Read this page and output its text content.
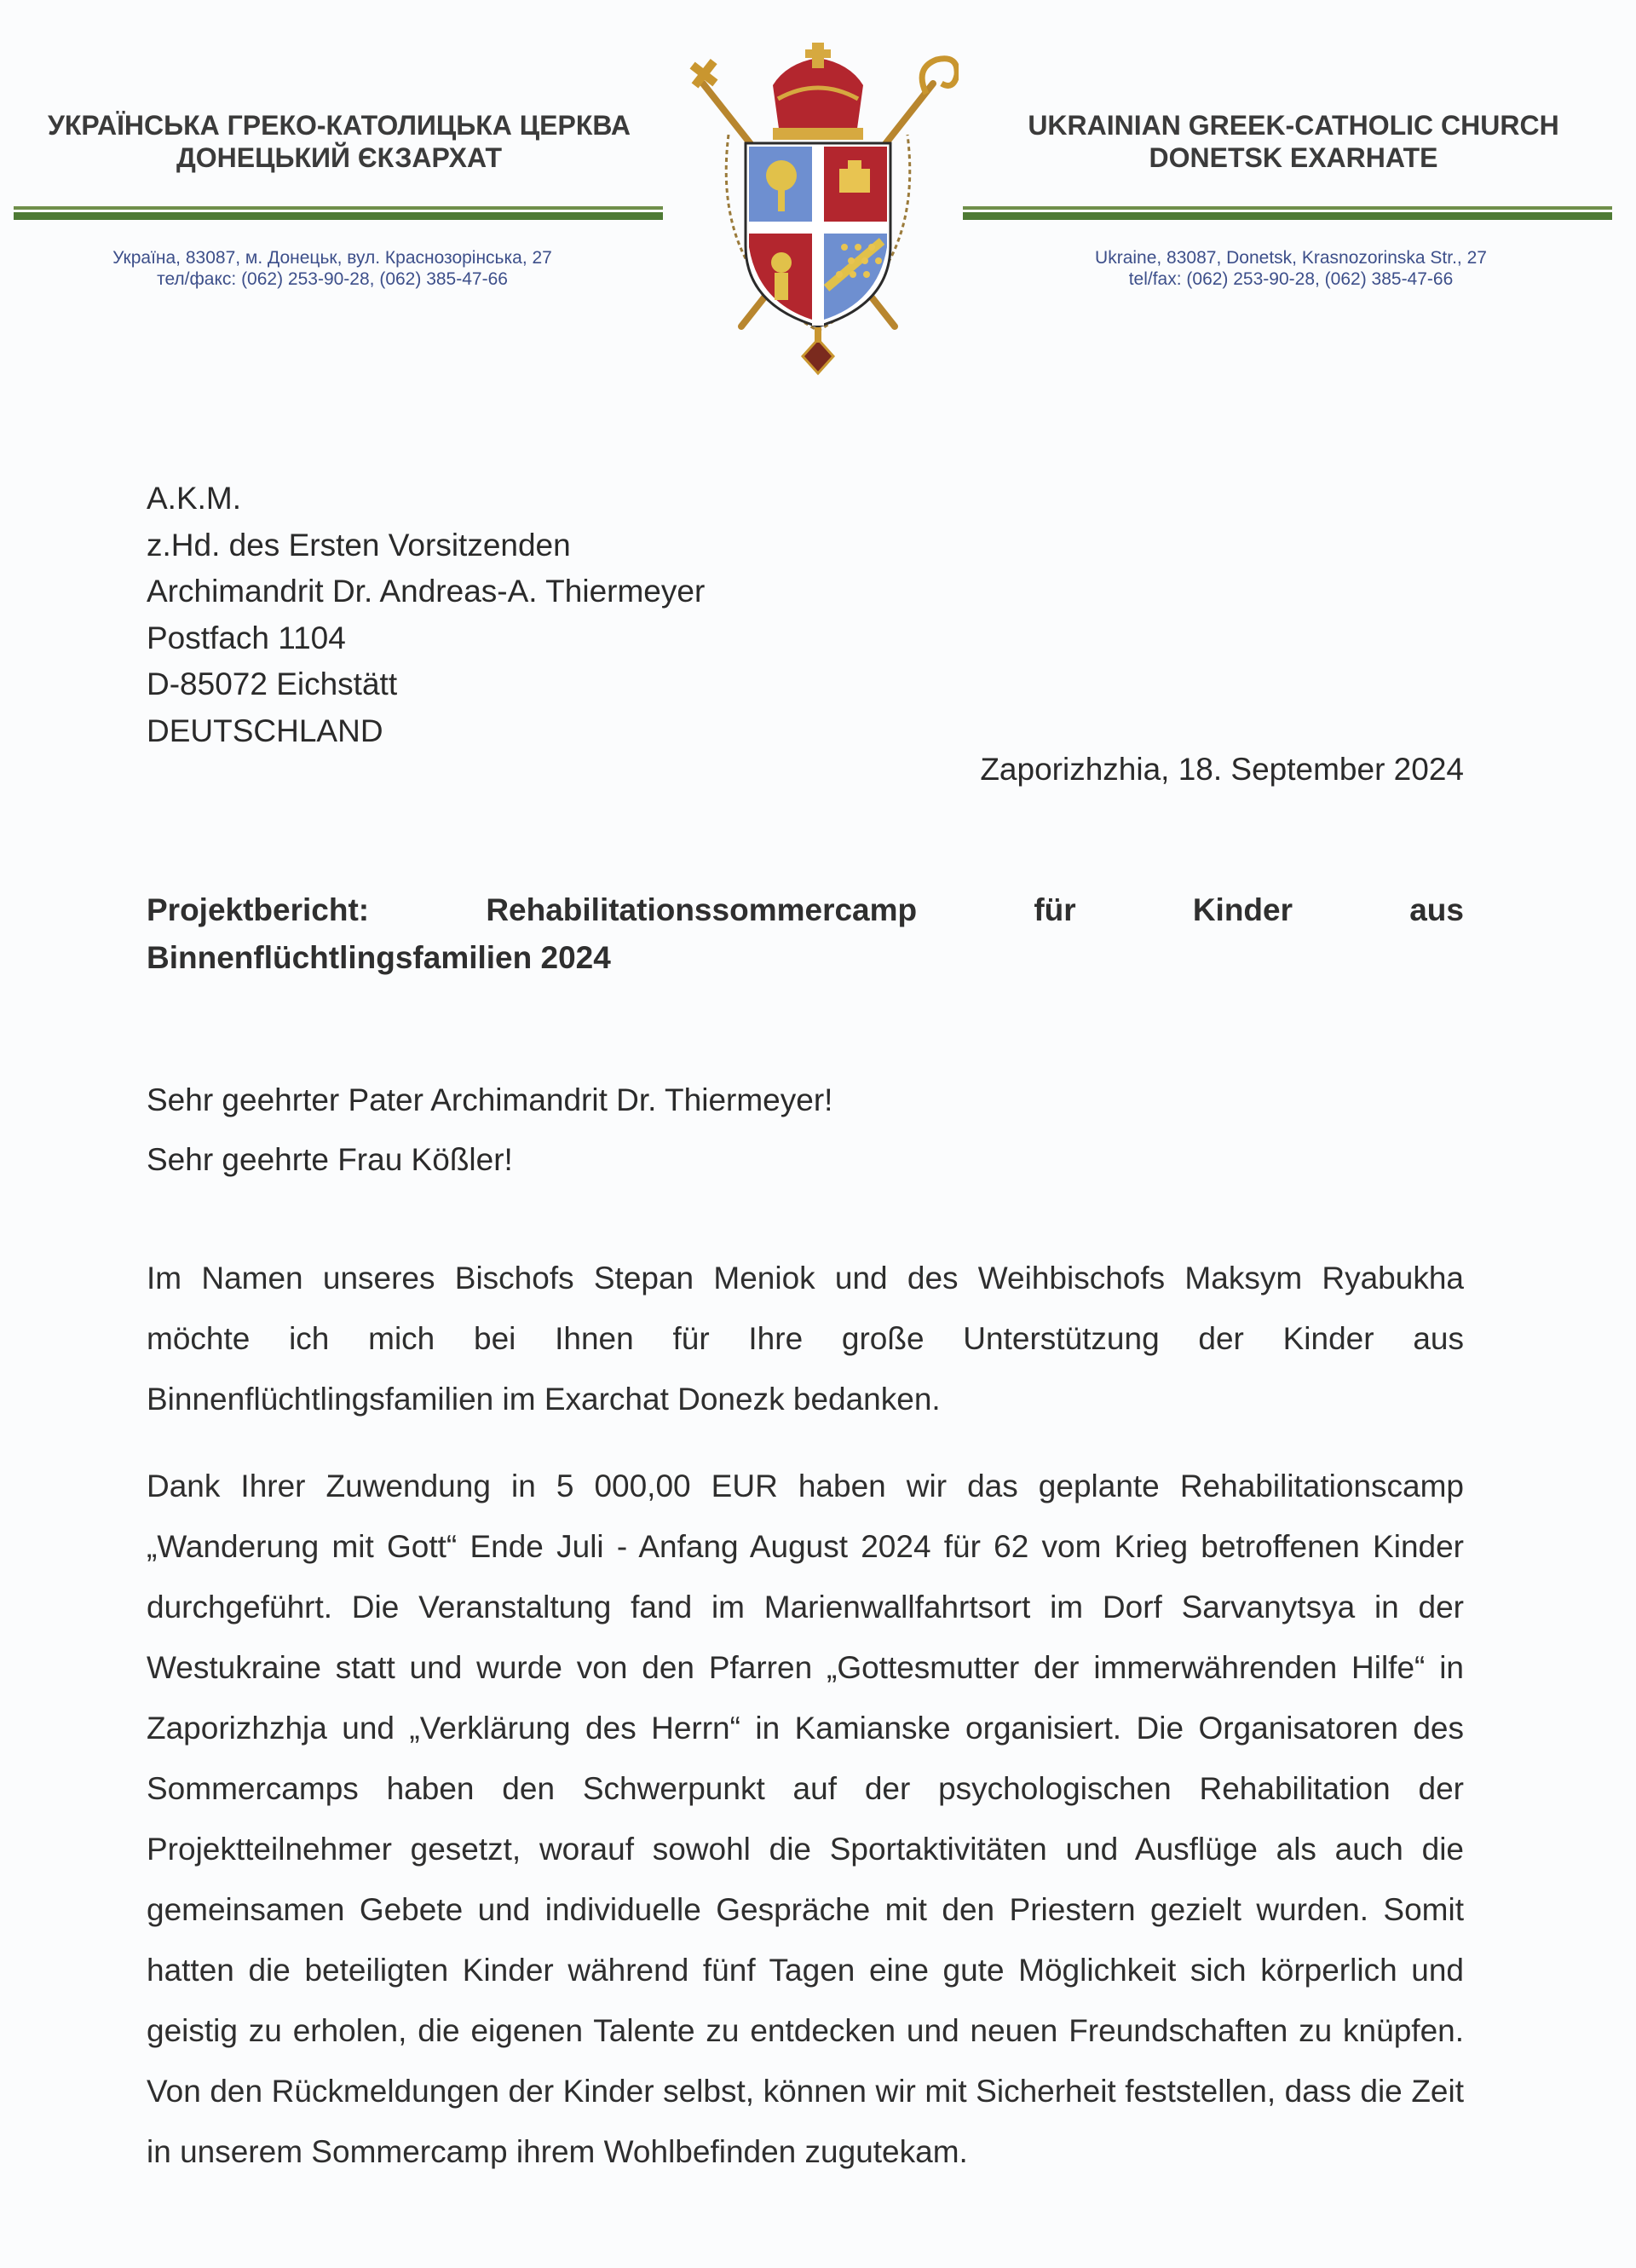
УКРАЇНСЬКА ГРЕКО-КАТОЛИЦЬКА ЦЕРКВА
ДОНЕЦЬКИЙ ЄКЗАРХАТ
Україна, 83087, м. Донецьк, вул. Краснозорінська, 27
тел/факс: (062) 253-90-28, (062) 385-47-66
UKRAINIAN GREEK-CATHOLIC CHURCH
DONETSK EXARHATE
Ukraine, 83087, Donetsk, Krasnozorinska Str., 27
tel/fax: (062) 253-90-28, (062) 385-47-66
A.K.M.
z.Hd. des Ersten Vorsitzenden
Archimandrit Dr. Andreas-A. Thiermeyer
Postfach 1104
D-85072 Eichstätt
DEUTSCHLAND
Zaporizhzhia, 18. September 2024
Projektbericht:	Rehabilitationssommercamp	für	Kinder	aus
Binnenflüchtlingsfamilien 2024
Sehr geehrter Pater Archimandrit Dr. Thiermeyer!
Sehr geehrte Frau Kößler!
Im Namen unseres Bischofs Stepan Meniok und des Weihbischofs Maksym Ryabukha möchte ich mich bei Ihnen für Ihre große Unterstützung der Kinder aus Binnenflüchtlingsfamilien im Exarchat Donezk bedanken.
Dank Ihrer Zuwendung in 5 000,00 EUR haben wir das geplante Rehabilitationscamp „Wanderung mit Gott“ Ende Juli - Anfang August 2024 für 62 vom Krieg betroffenen Kinder durchgeführt. Die Veranstaltung fand im Marienwallfahrtsort im Dorf Sarvanytsya in der Westukraine statt und wurde von den Pfarren „Gottesmutter der immerwährenden Hilfe“ in Zaporizhzhja und „Verklärung des Herrn“ in Kamianske organisiert. Die Organisatoren des Sommercamps haben den Schwerpunkt auf der psychologischen Rehabilitation der Projektteilnehmer gesetzt, worauf sowohl die Sportaktivitäten und Ausflüge als auch die gemeinsamen Gebete und individuelle Gespräche mit den Priestern gezielt wurden. Somit hatten die beteiligten Kinder während fünf Tagen eine gute Möglichkeit sich körperlich und geistig zu erholen, die eigenen Talente zu entdecken und neuen Freundschaften zu knüpfen. Von den Rückmeldungen der Kinder selbst, können wir mit Sicherheit feststellen, dass die Zeit in unserem Sommercamp ihrem Wohlbefinden zugutekam.
